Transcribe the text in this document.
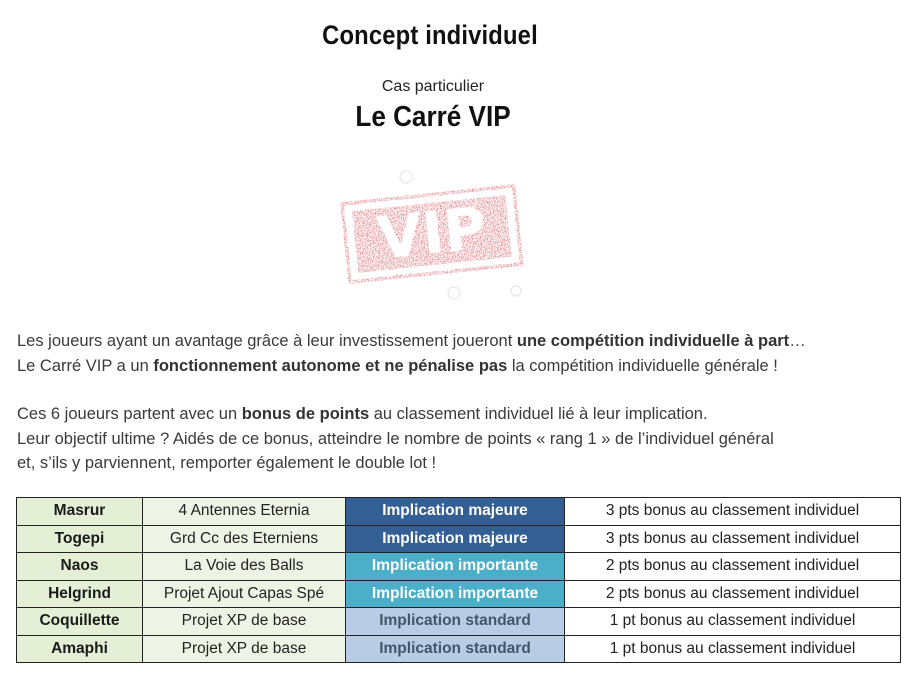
Concept individuel
Cas particulier
Le Carré VIP
VIP

Les joueurs ayant un avantage grâce à leur investissement joueront une compétition individuelle à part…

Le Carré VIP a un fonctionnement autonome et ne pénalise pas la compétition individuelle générale !

Ces 6 joueurs partent avec un bonus de points au classement individuel lié à leur implication.

Leur objectif ultime ? Aidés de ce bonus, atteindre le nombre de points « rang 1 » de l’individuel général

et, s’ils y parviennent, remporter également le double lot !

Masrur	4 Antennes Eternia	Implication majeure	3 pts bonus au classement individuel
Togepi	Grd Cc des Eterniens	Implication majeure	3 pts bonus au classement individuel
Naos	La Voie des Balls	Implication importante	2 pts bonus au classement individuel
Helgrind	Projet Ajout Capas Spé	Implication importante	2 pts bonus au classement individuel
Coquillette	Projet XP de base	Implication standard	1 pt bonus au classement individuel
Amaphi	Projet XP de base	Implication standard	1 pt bonus au classement individuel
